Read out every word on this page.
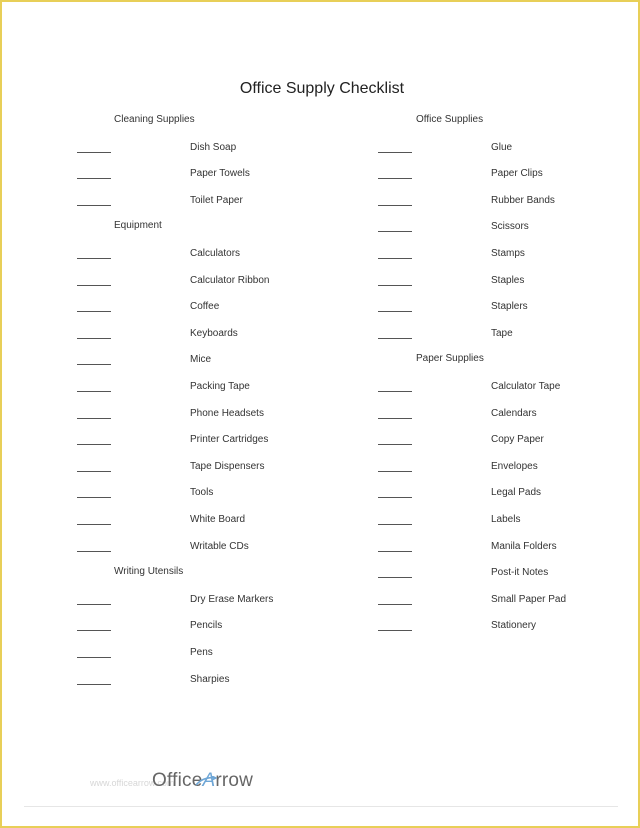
Office Supply Checklist
Cleaning Supplies
Dish Soap
Paper Towels
Toilet Paper
Equipment
Calculators
Calculator Ribbon
Coffee
Keyboards
Mice
Packing Tape
Phone Headsets
Printer Cartridges
Tape Dispensers
Tools
White Board
Writable CDs
Writing Utensils
Dry Erase Markers
Pencils
Pens
Sharpies
Office Supplies
Glue
Paper Clips
Rubber Bands
Scissors
Stamps
Staples
Staplers
Tape
Paper Supplies
Calculator Tape
Calendars
Copy Paper
Envelopes
Legal Pads
Labels
Manila Folders
Post-it Notes
Small Paper Pad
Stationery
www.officearrow.com
Office
Arrow
